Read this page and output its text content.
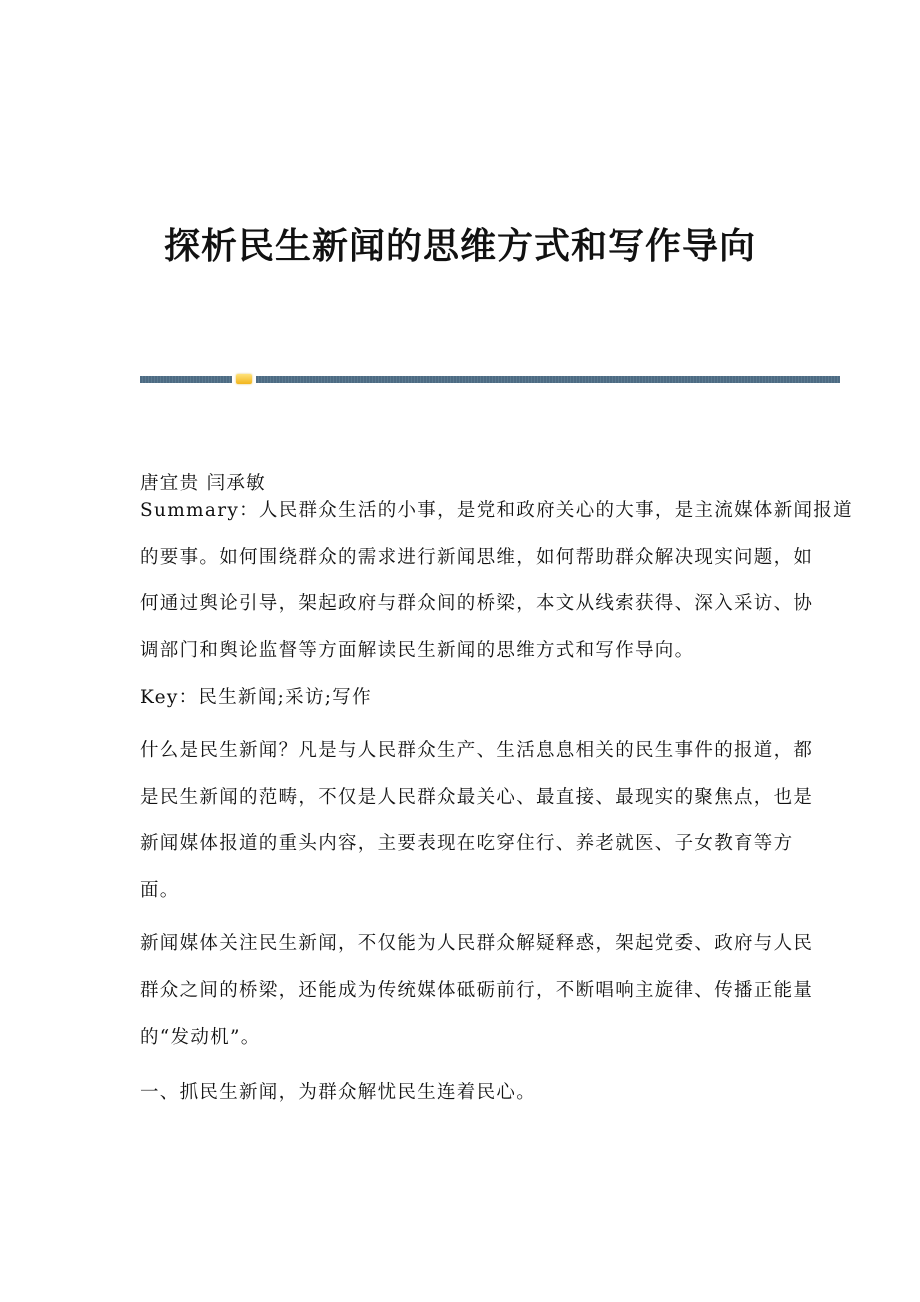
探析民生新闻的思维方式和写作导向
唐宜贵 闫承敏
Summary：人民群众生活的小事，是党和政府关心的大事，是主流媒体新闻报道
的要事。如何围绕群众的需求进行新闻思维，如何帮助群众解决现实问题，如
何通过舆论引导，架起政府与群众间的桥梁，本文从线索获得、深入采访、协
调部门和舆论监督等方面解读民生新闻的思维方式和写作导向。
Key：民生新闻;采访;写作
什么是民生新闻？凡是与人民群众生产、生活息息相关的民生事件的报道，都
是民生新闻的范畴，不仅是人民群众最关心、最直接、最现实的聚焦点，也是
新闻媒体报道的重头内容，主要表现在吃穿住行、养老就医、子女教育等方
面。
新闻媒体关注民生新闻，不仅能为人民群众解疑释惑，架起党委、政府与人民
群众之间的桥梁，还能成为传统媒体砥砺前行，不断唱响主旋律、传播正能量
的“发动机”。
一、抓民生新闻，为群众解忧民生连着民心。
